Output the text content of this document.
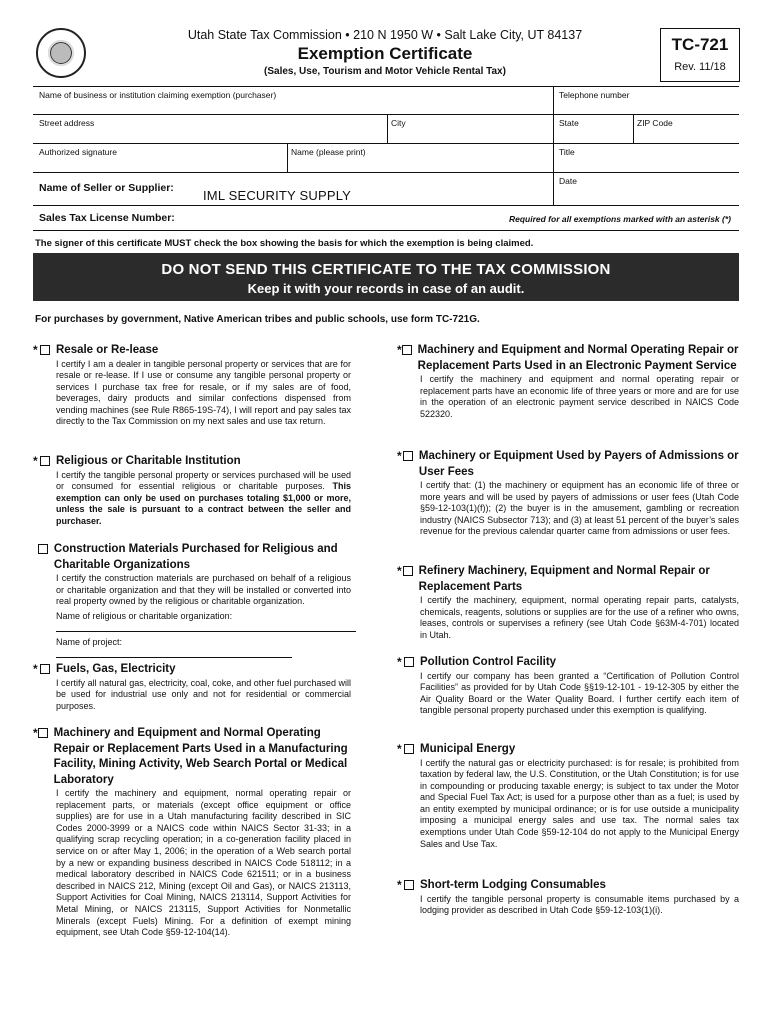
Utah State Tax Commission • 210 N 1950 W • Salt Lake City, UT 84137
Exemption Certificate
(Sales, Use, Tourism and Motor Vehicle Rental Tax)
TC-721
Rev. 11/18
Name of business or institution claiming exemption (purchaser)	Telephone number
Street address	City	State	ZIP Code
Authorized signature	Name (please print)	Title
Name of Seller or Supplier: IML SECURITY SUPPLY
Date
Sales Tax License Number:	Required for all exemptions marked with an asterisk (*)
The signer of this certificate MUST check the box showing the basis for which the exemption is being claimed.
DO NOT SEND THIS CERTIFICATE TO THE TAX COMMISSION
Keep it with your records in case of an audit.
For purchases by government, Native American tribes and public schools, use form TC-721G.
* Resale or Re-lease
I certify I am a dealer in tangible personal property or services that are for resale or re-lease. If I use or consume any tangible personal property or services I purchase tax free for resale, or if my sales are of food, beverages, dairy products and similar confections dispensed from vending machines (see Rule R865-19S-74), I will report and pay sales tax directly to the Tax Commission on my next sales and use tax return.
* Religious or Charitable Institution
I certify the tangible personal property or services purchased will be used or consumed for essential religious or charitable purposes. This exemption can only be used on purchases totaling $1,000 or more, unless the sale is pursuant to a contract between the seller and purchaser.
Construction Materials Purchased for Religious and Charitable Organizations
I certify the construction materials are purchased on behalf of a religious or charitable organization and that they will be installed or converted into real property owned by the religious or charitable organization.
Name of religious or charitable organization:
Name of project:
* Fuels, Gas, Electricity
I certify all natural gas, electricity, coal, coke, and other fuel purchased will be used for industrial use only and not for residential or commercial purposes.
* Machinery and Equipment and Normal Operating Repair or Replacement Parts Used in a Manufacturing Facility, Mining Activity, Web Search Portal or Medical Laboratory
I certify the machinery and equipment, normal operating repair or replacement parts, or materials (except office equipment or office supplies) are for use in a Utah manufacturing facility described in SIC Codes 2000-3999 or a NAICS code within NAICS Sector 31-33; in a qualifying scrap recycling operation; in a co-generation facility placed in service on or after May 1, 2006; in the operation of a Web search portal by a new or expanding business described in NAICS Code 518112; in a medical laboratory described in NAICS Code 621511; or in a business described in NAICS 212, Mining (except Oil and Gas), or NAICS 213113, Support Activities for Coal Mining, NAICS 213114, Support Activities for Metal Mining, or NAICS 213115, Support Activities for Nonmetallic Minerals (except Fuels) Mining. For a definition of exempt mining equipment, see Utah Code §59-12-104(14).
* Machinery and Equipment and Normal Operating Repair or Replacement Parts Used in an Electronic Payment Service
I certify the machinery and equipment and normal operating repair or replacement parts have an economic life of three years or more and are for use in the operation of an electronic payment service described in NAICS Code 522320.
* Machinery or Equipment Used by Payers of Admissions or User Fees
I certify that: (1) the machinery or equipment has an economic life of three or more years and will be used by payers of admissions or user fees (Utah Code §59-12-103(1)(f)); (2) the buyer is in the amusement, gambling or recreation industry (NAICS Subsector 713); and (3) at least 51 percent of the buyer’s sales revenue for the previous calendar quarter came from admissions or user fees.
* Refinery Machinery, Equipment and Normal Repair or Replacement Parts
I certify the machinery, equipment, normal operating repair parts, catalysts, chemicals, reagents, solutions or supplies are for the use of a refiner who owns, leases, controls or supervises a refinery (see Utah Code §63M-4-701) located in Utah.
* Pollution Control Facility
I certify our company has been granted a “Certification of Pollution Control Facilities” as provided for by Utah Code §§19-12-101 - 19-12-305 by either the Air Quality Board or the Water Quality Board. I further certify each item of tangible personal property purchased under this exemption is qualifying.
* Municipal Energy
I certify the natural gas or electricity purchased: is for resale; is prohibited from taxation by federal law, the U.S. Constitution, or the Utah Constitution; is for use in compounding or producing taxable energy; is subject to tax under the Motor and Special Fuel Tax Act; is used for a purpose other than as a fuel; is used by an entity exempted by municipal ordinance; or is for use outside a municipality imposing a municipal energy sales and use tax. The normal sales tax exemptions under Utah Code §59-12-104 do not apply to the Municipal Energy Sales and Use Tax.
* Short-term Lodging Consumables
I certify the tangible personal property is consumable items purchased by a lodging provider as described in Utah Code §59-12-103(1)(i).
